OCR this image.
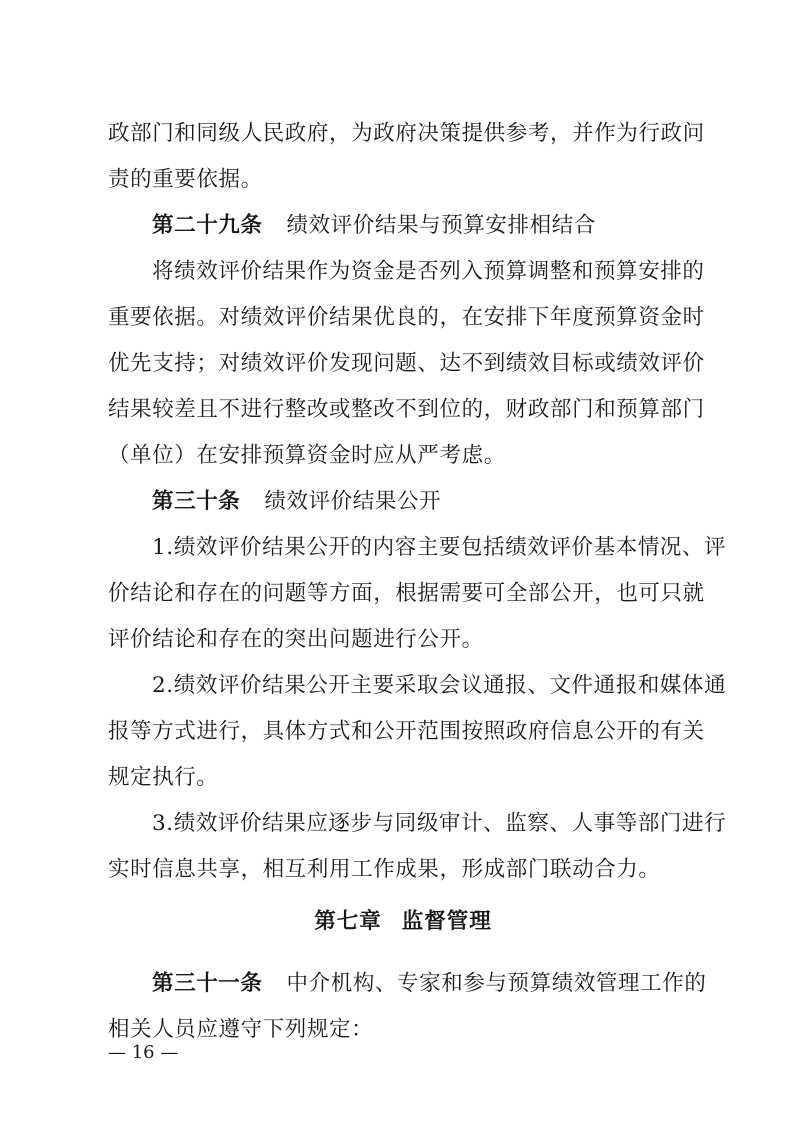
政部门和同级人民政府，为政府决策提供参考，并作为行政问
责的重要依据。
第二十九条 绩效评价结果与预算安排相结合
将绩效评价结果作为资金是否列入预算调整和预算安排的
重要依据。对绩效评价结果优良的，在安排下年度预算资金时
优先支持；对绩效评价发现问题、达不到绩效目标或绩效评价
结果较差且不进行整改或整改不到位的，财政部门和预算部门
（单位）在安排预算资金时应从严考虑。
第三十条 绩效评价结果公开
1.绩效评价结果公开的内容主要包括绩效评价基本情况、评
价结论和存在的问题等方面，根据需要可全部公开，也可只就
评价结论和存在的突出问题进行公开。
2.绩效评价结果公开主要采取会议通报、文件通报和媒体通
报等方式进行，具体方式和公开范围按照政府信息公开的有关
规定执行。
3.绩效评价结果应逐步与同级审计、监察、人事等部门进行
实时信息共享，相互利用工作成果，形成部门联动合力。
第七章 监督管理
第三十一条 中介机构、专家和参与预算绩效管理工作的
相关人员应遵守下列规定：
— 16 —
